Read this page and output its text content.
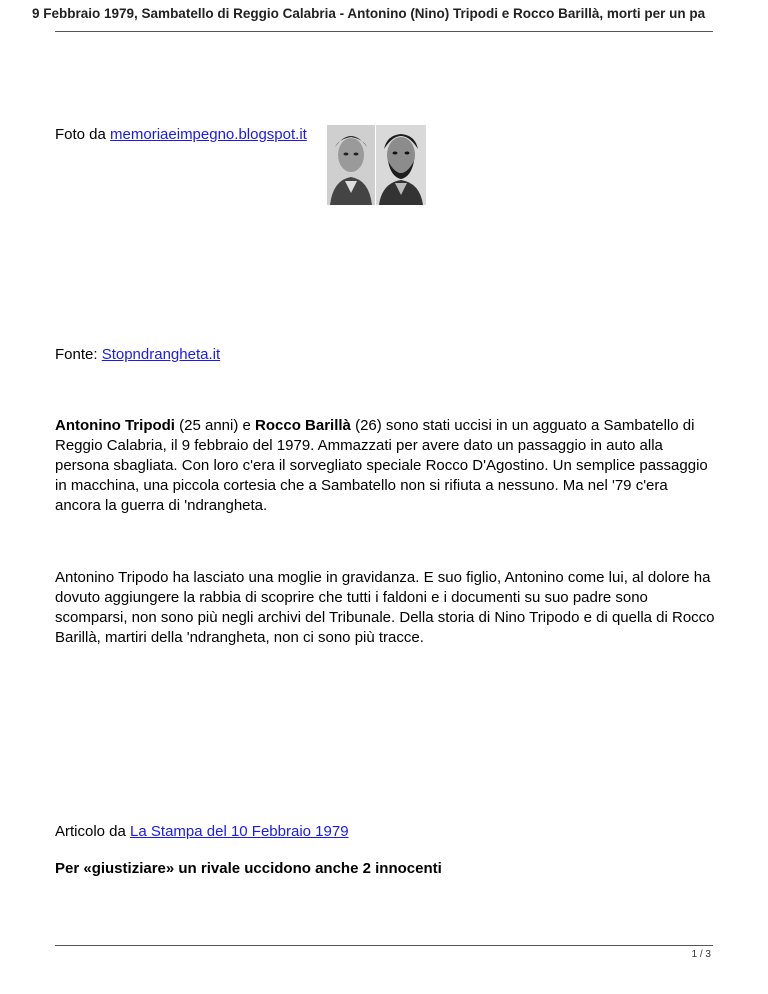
9 Febbraio 1979, Sambatello di Reggio Calabria - Antonino (Nino) Tripodi e Rocco Barillà, morti per un pa
Foto da memoriaeimpegno.blogspot.it
Fonte: Stopndrangheta.it
Antonino Tripodi (25 anni) e Rocco Barillà (26) sono stati uccisi in un agguato a Sambatello di Reggio Calabria, il 9 febbraio del 1979. Ammazzati per avere dato un passaggio in auto alla persona sbagliata. Con loro c'era il sorvegliato speciale Rocco D'Agostino. Un semplice passaggio in macchina, una piccola cortesia che a Sambatello non si rifiuta a nessuno. Ma nel '79 c'era ancora la guerra di 'ndrangheta.
Antonino Tripodo ha lasciato una moglie in gravidanza. E suo figlio, Antonino come lui, al dolore ha dovuto aggiungere la rabbia di scoprire che tutti i faldoni e i documenti su suo padre sono scomparsi, non sono più negli archivi del Tribunale. Della storia di Nino Tripodo e di quella di Rocco Barillà, martiri della 'ndrangheta, non ci sono più tracce.
Articolo da La Stampa del 10 Febbraio 1979
Per «giustiziare» un rivale uccidono anche 2 innocenti
1 / 3
